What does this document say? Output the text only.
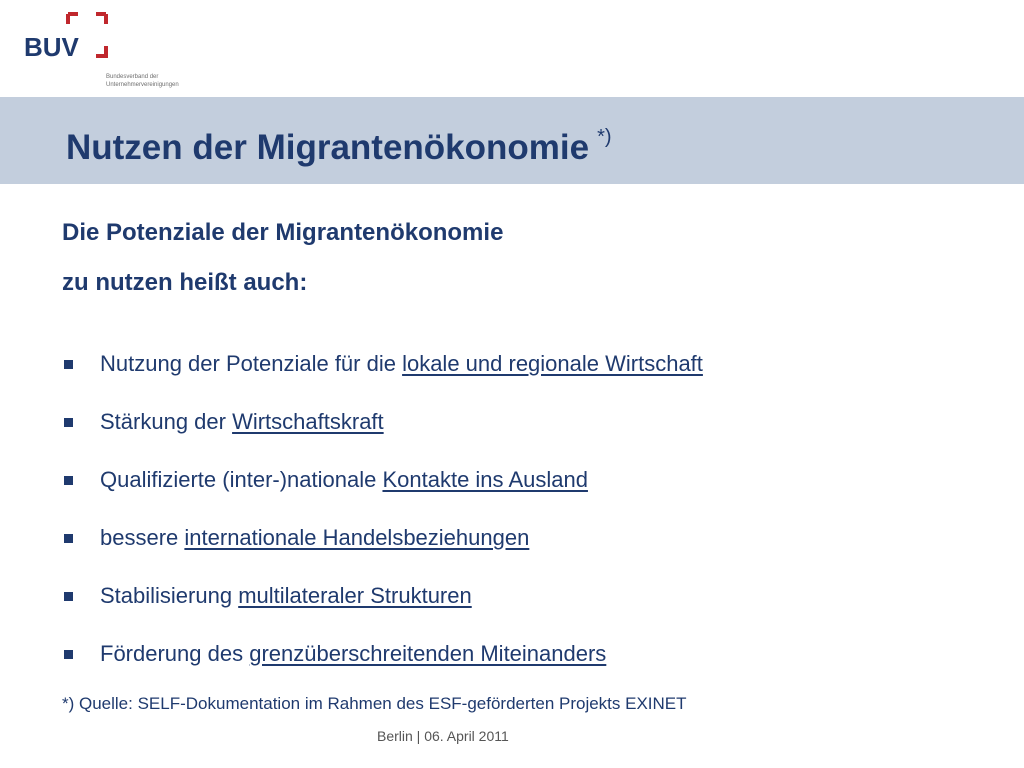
BUV
Bundesverband der
Unternehmervereinigungen
Nutzen der Migrantenökonomie *)
Die Potenziale der Migrantenökonomie
zu nutzen heißt auch:
Nutzung der Potenziale für die lokale und regionale Wirtschaft
Stärkung der Wirtschaftskraft
Qualifizierte (inter-)nationale Kontakte ins Ausland
bessere internationale Handelsbeziehungen
Stabilisierung multilateraler Strukturen
Förderung des grenzüberschreitenden Miteinanders

*) Quelle: SELF-Dokumentation im Rahmen des ESF-geförderten Projekts EXINET

Berlin | 06. April 2011
